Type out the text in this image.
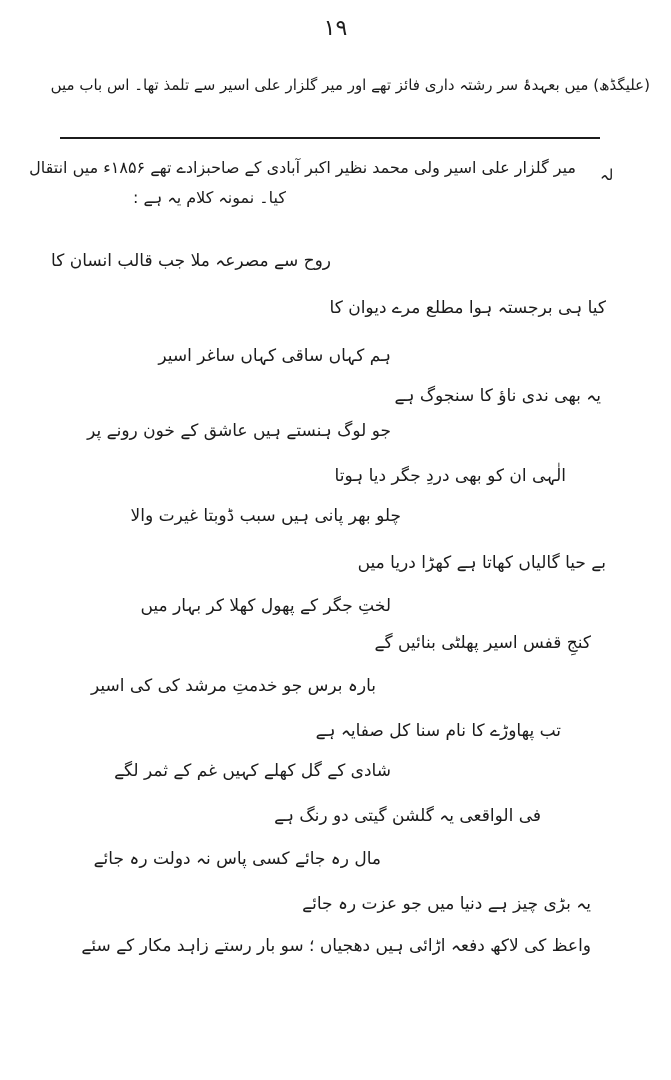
۱۹
(علیگڈھ) میں بعہدۂ سر رشتہ داری فائز تھے اور میر گلزار علی اسیر سے تلمذ تھا۔ اس باب میں
لہ
میر گلزار علی اسیر ولی محمد نظیر اکبر آبادی کے صاحبزادے تھے ۱۸۵۶ء میں انتقال
کیا۔ نمونہ کلام یہ ہے :
روح سے مصرعہ ملا جب قالب انسان کا
کیا ہی برجستہ ہوا مطلع مرے دیوان کا
ہم کہاں ساقی کہاں ساغر اسیر
یہ بھی ندی ناؤ کا سنجوگ ہے
جو لوگ ہنستے ہیں عاشق کے خون رونے پر
الٰہی ان کو بھی دردِ جگر دیا ہوتا
چلو بھر پانی ہیں سبب ڈوبتا غیرت والا
بے حیا گالیاں کھاتا ہے کھڑا دریا میں
لختِ جگر کے پھول کھلا کر بہار میں
کنجِ قفس اسیر پھلٹی بنائیں گے
بارہ برس جو خدمتِ مرشد کی کی اسیر
تب پھاوڑے کا نام سنا کل صفایہ ہے
شادی کے گل کھلے کہیں غم کے ثمر لگے
فی الواقعی یہ گلشن گیتی دو رنگ ہے
مال رہ جائے کسی پاس نہ دولت رہ جائے
یہ بڑی چیز ہے دنیا میں جو عزت رہ جائے
واعظ کی لاکھ دفعہ اڑائی ہیں دھجیاں ؛ سو بار رستے زاہد مکار کے سئے
